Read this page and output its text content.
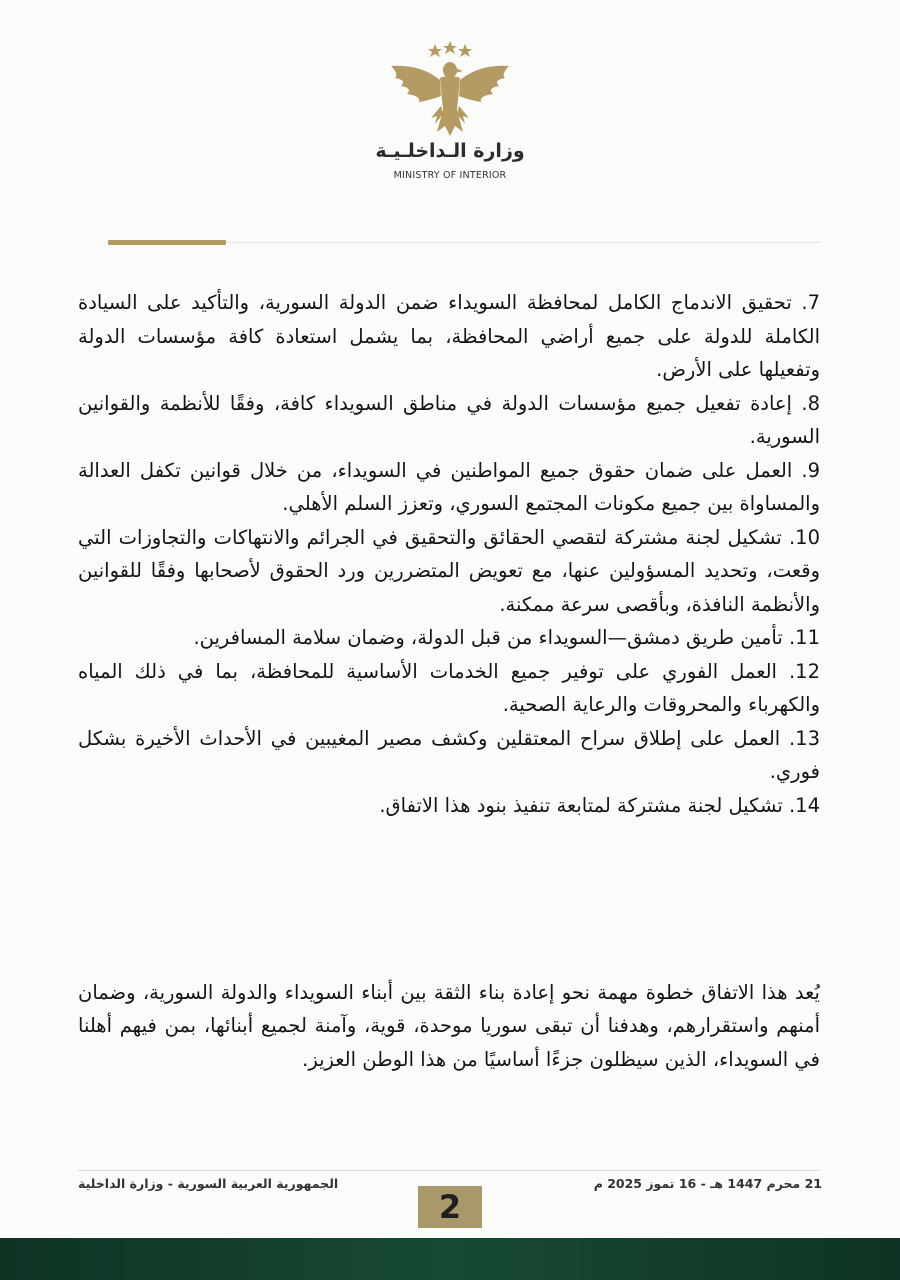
وزارة الـداخلـيـة
MINISTRY OF INTERIOR

7. تحقيق الاندماج الكامل لمحافظة السويداء ضمن الدولة السورية، والتأكيد على السيادة الكاملة للدولة على جميع أراضي المحافظة، بما يشمل استعادة كافة مؤسسات الدولة وتفعيلها على الأرض.

8. إعادة تفعيل جميع مؤسسات الدولة في مناطق السويداء كافة، وفقًا للأنظمة والقوانين السورية.

9. العمل على ضمان حقوق جميع المواطنين في السويداء، من خلال قوانين تكفل العدالة والمساواة بين جميع مكونات المجتمع السوري، وتعزز السلم الأهلي.

10. تشكيل لجنة مشتركة لتقصي الحقائق والتحقيق في الجرائم والانتهاكات والتجاوزات التي وقعت، وتحديد المسؤولين عنها، مع تعويض المتضررين ورد الحقوق لأصحابها وفقًا للقوانين والأنظمة النافذة، وبأقصى سرعة ممكنة.

11. تأمين طريق دمشق—السويداء من قبل الدولة، وضمان سلامة المسافرين.

12. العمل الفوري على توفير جميع الخدمات الأساسية للمحافظة، بما في ذلك المياه والكهرباء والمحروقات والرعاية الصحية.

13. العمل على إطلاق سراح المعتقلين وكشف مصير المغيبين في الأحداث الأخيرة بشكل فوري.

14. تشكيل لجنة مشتركة لمتابعة تنفيذ بنود هذا الاتفاق.

يُعد هذا الاتفاق خطوة مهمة نحو إعادة بناء الثقة بين أبناء السويداء والدولة السورية، وضمان أمنهم واستقرارهم، وهدفنا أن تبقى سوريا موحدة، قوية، وآمنة لجميع أبنائها، بمن فيهم أهلنا في السويداء، الذين سيظلون جزءًا أساسيًا من هذا الوطن العزيز.

21 محرم 1447 هـ - 16 تموز 2025 م
الجمهورية العربية السورية - وزارة الداخلية
2
